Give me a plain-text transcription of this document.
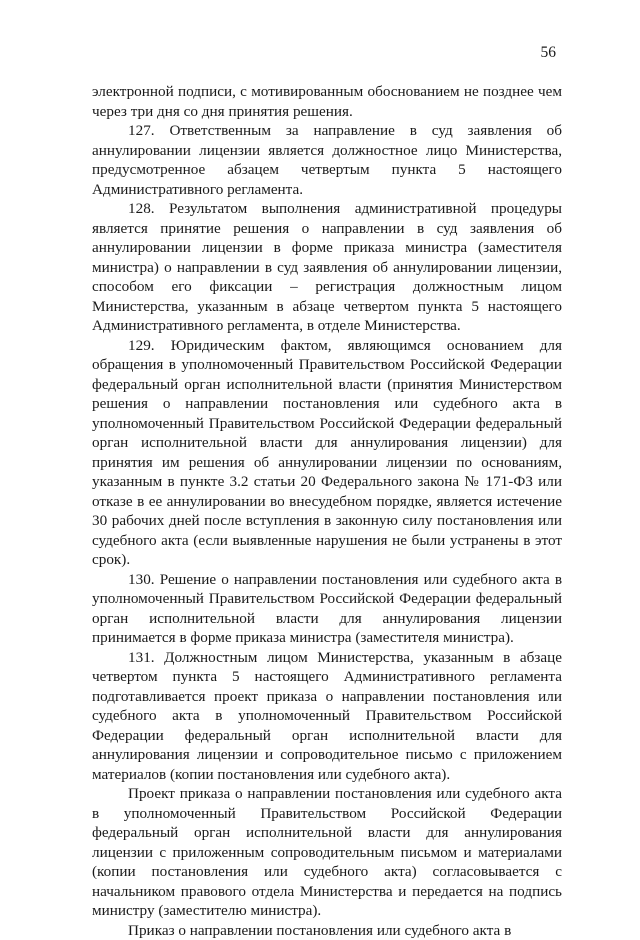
56

электронной подписи, с мотивированным обоснованием не позднее чем через три дня со дня принятия решения.

127. Ответственным за направление в суд заявления об аннулировании лицензии является должностное лицо Министерства, предусмотренное абзацем четвертым пункта 5 настоящего Административного регламента.

128. Результатом выполнения административной процедуры является принятие решения о направлении в суд заявления об аннулировании лицензии в форме приказа министра (заместителя министра) о направлении в суд заявления об аннулировании лицензии, способом его фиксации – регистрация должностным лицом Министерства, указанным в абзаце четвертом пункта 5 настоящего Административного регламента, в отделе Министерства.

129. Юридическим фактом, являющимся основанием для обращения в уполномоченный Правительством Российской Федерации федеральный орган исполнительной власти (принятия Министерством решения о направлении постановления или судебного акта в уполномоченный Правительством Российской Федерации федеральный орган исполнительной власти для аннулирования лицензии) для принятия им решения об аннулировании лицензии по основаниям, указанным в пункте 3.2 статьи 20 Федерального закона № 171-ФЗ или отказе в ее аннулировании во внесудебном порядке, является истечение 30 рабочих дней после вступления в законную силу постановления или судебного акта (если выявленные нарушения не были устранены в этот срок).

130. Решение о направлении постановления или судебного акта в уполномоченный Правительством Российской Федерации федеральный орган исполнительной власти для аннулирования лицензии принимается в форме приказа министра (заместителя министра).

131. Должностным лицом Министерства, указанным в абзаце четвертом пункта 5 настоящего Административного регламента подготавливается проект приказа о направлении постановления или судебного акта в уполномоченный Правительством Российской Федерации федеральный орган исполнительной власти для аннулирования лицензии и сопроводительное письмо с приложением материалов (копии постановления или судебного акта).

Проект приказа о направлении постановления или судебного акта в уполномоченный Правительством Российской Федерации федеральный орган исполнительной власти для аннулирования лицензии с приложенным сопроводительным письмом и материалами (копии постановления или судебного акта) согласовывается с начальником правового отдела Министерства и передается на подпись министру (заместителю министра).

Приказ о направлении постановления или судебного акта в
